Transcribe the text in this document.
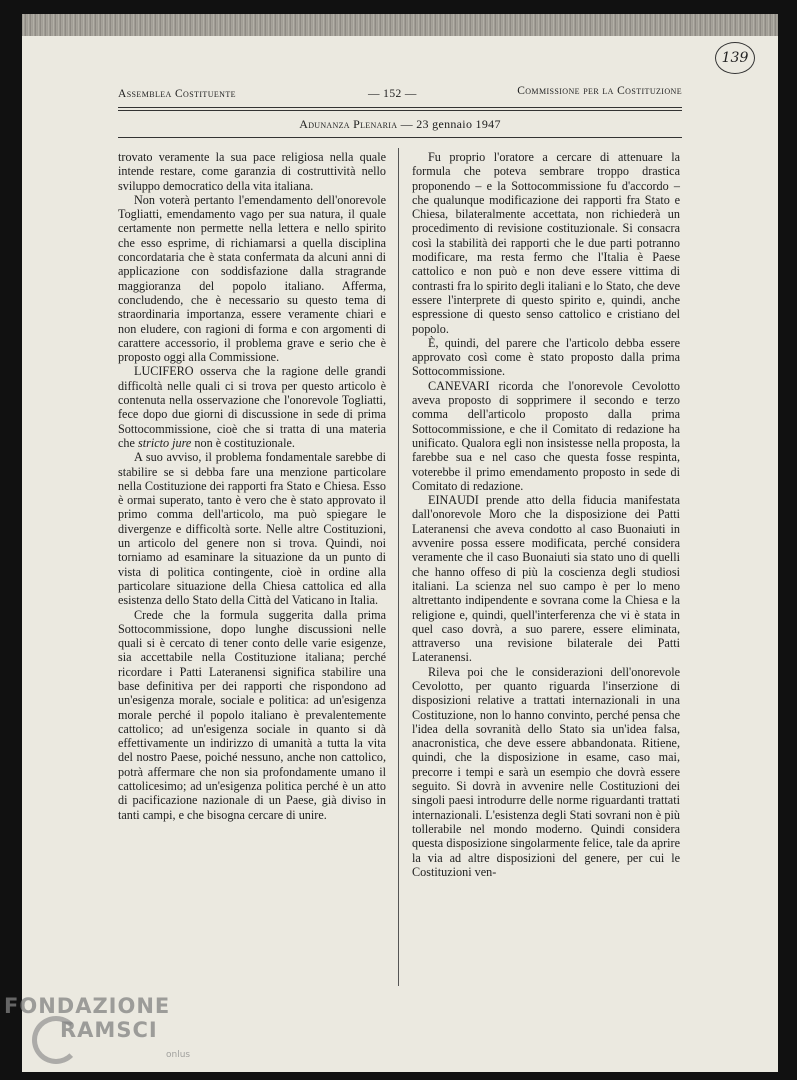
139
Assemblea Costituente	— 152 —	Commissione per la Costituzione
Adunanza Plenaria — 23 gennaio 1947

trovato veramente la sua pace religiosa nella quale intende restare, come garanzia di costruttività nello sviluppo democratico della vita italiana.

Non voterà pertanto l'emendamento dell'onorevole Togliatti, emendamento vago per sua natura, il quale certamente non permette nella lettera e nello spirito che esso esprime, di richiamarsi a quella disciplina concordataria che è stata confermata da alcuni anni di applicazione con soddisfazione dalla stragrande maggioranza del popolo italiano. Afferma, concludendo, che è necessario su questo tema di straordinaria importanza, essere veramente chiari e non eludere, con ragioni di forma e con argomenti di carattere accessorio, il problema grave e serio che è proposto oggi alla Commissione.

LUCIFERO osserva che la ragione delle grandi difficoltà nelle quali ci si trova per questo articolo è contenuta nella osservazione che l'onorevole Togliatti, fece dopo due giorni di discussione in sede di prima Sottocommissione, cioè che si tratta di una materia che stricto jure non è costituzionale.

A suo avviso, il problema fondamentale sarebbe di stabilire se si debba fare una menzione particolare nella Costituzione dei rapporti fra Stato e Chiesa. Esso è ormai superato, tanto è vero che è stato approvato il primo comma dell'articolo, ma può spiegare le divergenze e difficoltà sorte. Nelle altre Costituzioni, un articolo del genere non si trova. Quindi, noi torniamo ad esaminare la situazione da un punto di vista di politica contingente, cioè in ordine alla particolare situazione della Chiesa cattolica ed alla esistenza dello Stato della Città del Vaticano in Italia.

Crede che la formula suggerita dalla prima Sottocommissione, dopo lunghe discussioni nelle quali si è cercato di tener conto delle varie esigenze, sia accettabile nella Costituzione italiana; perché ricordare i Patti Lateranensi significa stabilire una base definitiva per dei rapporti che rispondono ad un'esigenza morale, sociale e politica: ad un'esigenza morale perché il popolo italiano è prevalentemente cattolico; ad un'esigenza sociale in quanto si dà effettivamente un indirizzo di umanità a tutta la vita del nostro Paese, poiché nessuno, anche non cattolico, potrà affermare che non sia profondamente umano il cattolicesimo; ad un'esigenza politica perché è un atto di pacificazione nazionale di un Paese, già diviso in tanti campi, e che bisogna cercare di unire.

Fu proprio l'oratore a cercare di attenuare la formula che poteva sembrare troppo drastica proponendo – e la Sottocommissione fu d'accordo – che qualunque modificazione dei rapporti fra Stato e Chiesa, bilateralmente accettata, non richiederà un procedimento di revisione costituzionale. Si consacra così la stabilità dei rapporti che le due parti potranno modificare, ma resta fermo che l'Italia è Paese cattolico e non può e non deve essere vittima di contrasti fra lo spirito degli italiani e lo Stato, che deve essere l'interprete di questo spirito e, quindi, anche espressione di questo senso cattolico e cristiano del popolo.

È, quindi, del parere che l'articolo debba essere approvato così come è stato proposto dalla prima Sottocommissione.

CANEVARI ricorda che l'onorevole Cevolotto aveva proposto di sopprimere il secondo e terzo comma dell'articolo proposto dalla prima Sottocommissione, e che il Comitato di redazione ha unificato. Qualora egli non insistesse nella proposta, la farebbe sua e nel caso che questa fosse respinta, voterebbe il primo emendamento proposto in sede di Comitato di redazione.

EINAUDI prende atto della fiducia manifestata dall'onorevole Moro che la disposizione dei Patti Lateranensi che aveva condotto al caso Buonaiuti in avvenire possa essere modificata, perché considera veramente che il caso Buonaiuti sia stato uno di quelli che hanno offeso di più la coscienza degli studiosi italiani. La scienza nel suo campo è per lo meno altrettanto indipendente e sovrana come la Chiesa e la religione e, quindi, quell'interferenza che vi è stata in quel caso dovrà, a suo parere, essere eliminata, attraverso una revisione bilaterale dei Patti Lateranensi.

Rileva poi che le considerazioni dell'onorevole Cevolotto, per quanto riguarda l'inserzione di disposizioni relative a trattati internazionali in una Costituzione, non lo hanno convinto, perché pensa che l'idea della sovranità dello Stato sia un'idea falsa, anacronistica, che deve essere abbandonata. Ritiene, quindi, che la disposizione in esame, caso mai, precorre i tempi e sarà un esempio che dovrà essere seguito. Si dovrà in avvenire nelle Costituzioni dei singoli paesi introdurre delle norme riguardanti trattati internazionali. L'esistenza degli Stati sovrani non è più tollerabile nel mondo moderno. Quindi considera questa disposizione singolarmente felice, tale da aprire la via ad altre disposizioni del genere, per cui le Costituzioni ven-

FONDAZIONE
RAMSCI
onlus
